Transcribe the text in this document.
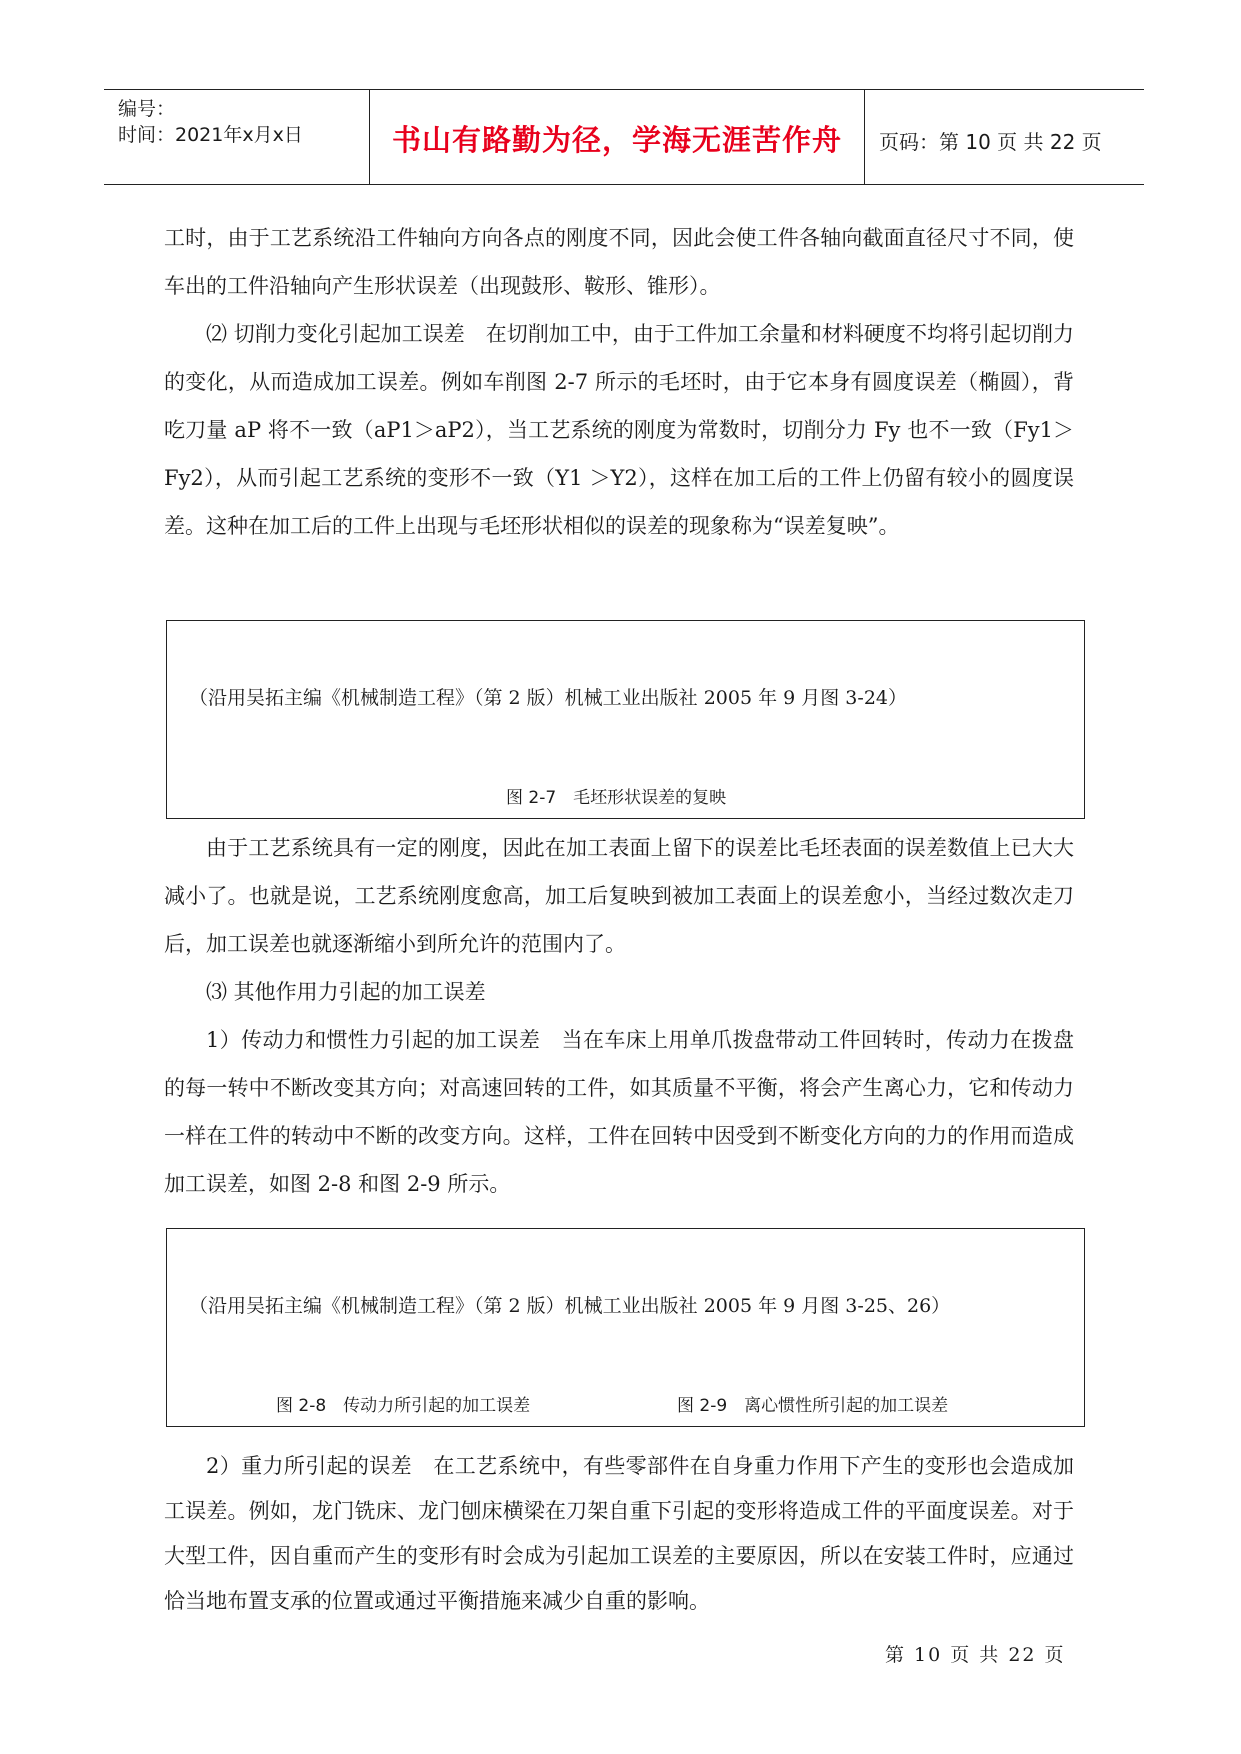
编号：
时间：2021年x月x日	书山有路勤为径，学海无涯苦作舟	页码：第 10 页 共 22 页

工时，由于工艺系统沿工件轴向方向各点的刚度不同，因此会使工件各轴向截面直径尺寸不同，使车出的工件沿轴向产生形状误差（出现鼓形、鞍形、锥形）。

⑵ 切削力变化引起加工误差　在切削加工中，由于工件加工余量和材料硬度不均将引起切削力的变化，从而造成加工误差。例如车削图 2-7 所示的毛坯时，由于它本身有圆度误差（椭圆），背吃刀量 aP 将不一致（aP1＞aP2），当工艺系统的刚度为常数时，切削分力 Fy 也不一致（Fy1＞Fy2），从而引起工艺系统的变形不一致（Y1 ＞Y2），这样在加工后的工件上仍留有较小的圆度误差。这种在加工后的工件上出现与毛坯形状相似的误差的现象称为“误差复映”。

（沿用吴拓主编《机械制造工程》（第 2 版）机械工业出版社 2005 年 9 月图 3-24）
图 2-7　毛坯形状误差的复映

由于工艺系统具有一定的刚度，因此在加工表面上留下的误差比毛坯表面的误差数值上已大大减小了。也就是说，工艺系统刚度愈高，加工后复映到被加工表面上的误差愈小，当经过数次走刀后，加工误差也就逐渐缩小到所允许的范围内了。

⑶ 其他作用力引起的加工误差

1）传动力和惯性力引起的加工误差　当在车床上用单爪拨盘带动工件回转时，传动力在拨盘的每一转中不断改变其方向；对高速回转的工件，如其质量不平衡，将会产生离心力，它和传动力一样在工件的转动中不断的改变方向。这样，工件在回转中因受到不断变化方向的力的作用而造成加工误差，如图 2-8 和图 2-9 所示。

（沿用吴拓主编《机械制造工程》（第 2 版）机械工业出版社 2005 年 9 月图 3-25、26）
图 2-8　传动力所引起的加工误差	图 2-9　离心惯性所引起的加工误差

2）重力所引起的误差　在工艺系统中，有些零部件在自身重力作用下产生的变形也会造成加工误差。例如，龙门铣床、龙门刨床横梁在刀架自重下引起的变形将造成工件的平面度误差。对于大型工件，因自重而产生的变形有时会成为引起加工误差的主要原因，所以在安装工件时，应通过恰当地布置支承的位置或通过平衡措施来减少自重的影响。

第 10 页 共 22 页
